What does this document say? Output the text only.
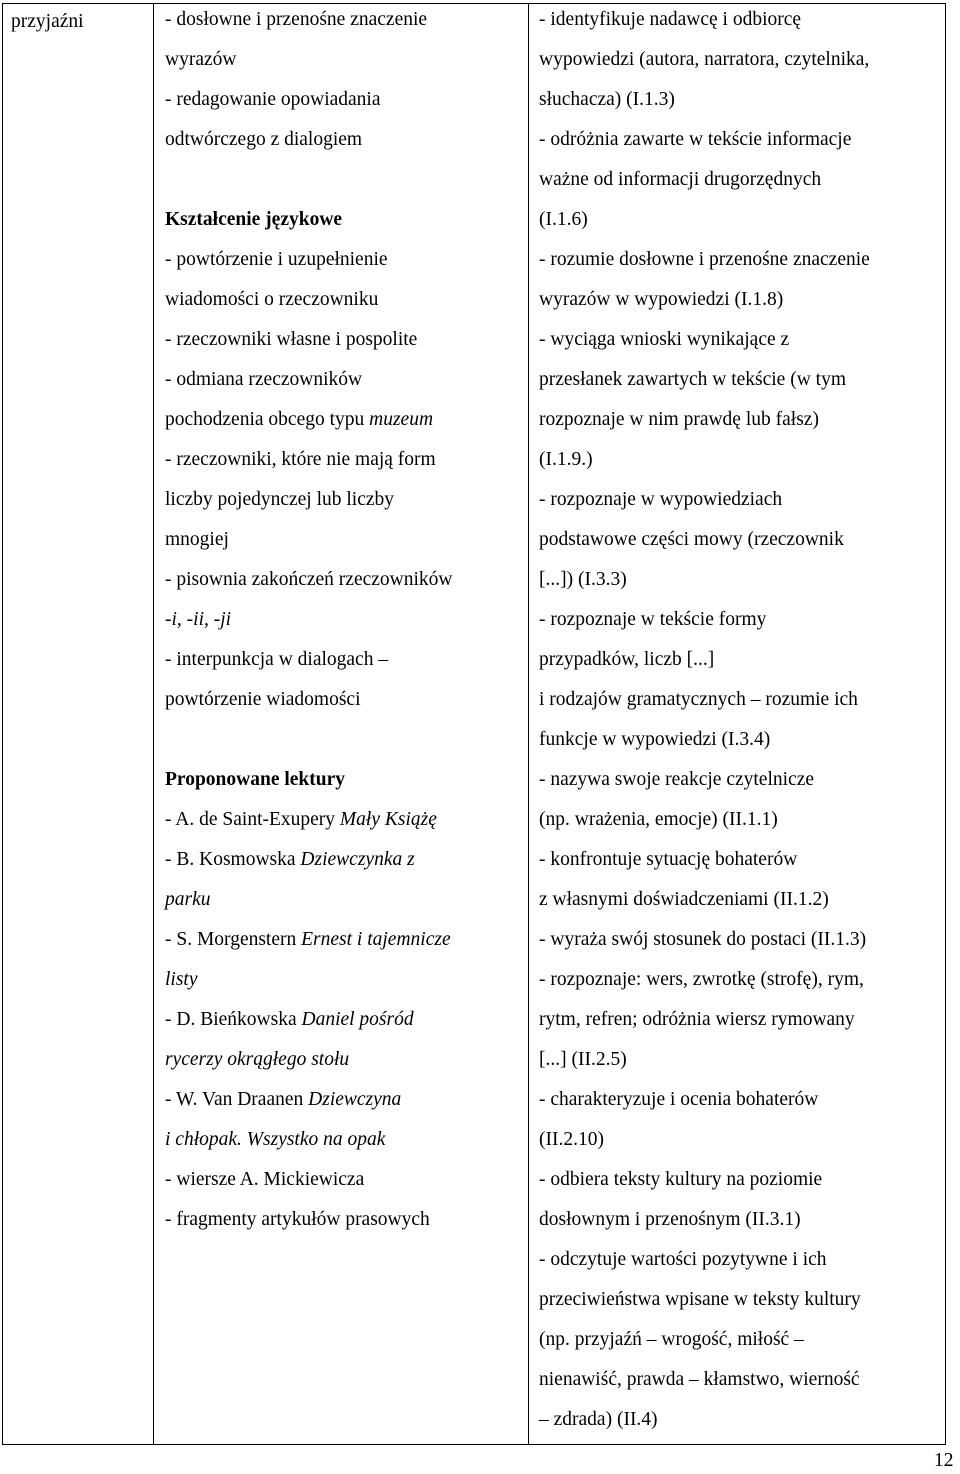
przyjaźni	- dosłowne i przenośne znaczenie
wyrazów
- redagowanie opowiadania
odtwórczego z dialogiem
Kształcenie językowe
- powtórzenie i uzupełnienie
wiadomości o rzeczowniku
- rzeczowniki własne i pospolite
- odmiana rzeczowników
pochodzenia obcego typu muzeum
- rzeczowniki, które nie mają form
liczby pojedynczej lub liczby
mnogiej
- pisownia zakończeń rzeczowników
-i, -ii, -ji
- interpunkcja w dialogach –
powtórzenie wiadomości
Proponowane lektury
- A. de Saint-Exupery Mały Książę
- B. Kosmowska Dziewczynka z
parku
- S. Morgenstern Ernest i tajemnicze
listy
- D. Bieńkowska Daniel pośród
rycerzy okrągłego stołu
- W. Van Draanen Dziewczyna
i chłopak. Wszystko na opak
- wiersze A. Mickiewicza
- fragmenty artykułów prasowych
- identyfikuje nadawcę i odbiorcę
wypowiedzi (autora, narratora, czytelnika,
słuchacza) (I.1.3)
- odróżnia zawarte w tekście informacje
ważne od informacji drugorzędnych
(I.1.6)
- rozumie dosłowne i przenośne znaczenie
wyrazów w wypowiedzi (I.1.8)
- wyciąga wnioski wynikające z
przesłanek zawartych w tekście (w tym
rozpoznaje w nim prawdę lub fałsz)
(I.1.9.)
- rozpoznaje w wypowiedziach
podstawowe części mowy (rzeczownik
[...]) (I.3.3)
- rozpoznaje w tekście formy
przypadków, liczb [...]
i rodzajów gramatycznych – rozumie ich
funkcje w wypowiedzi (I.3.4)
- nazywa swoje reakcje czytelnicze
(np. wrażenia, emocje) (II.1.1)
- konfrontuje sytuację bohaterów
z własnymi doświadczeniami (II.1.2)
- wyraża swój stosunek do postaci (II.1.3)
- rozpoznaje: wers, zwrotkę (strofę), rym,
rytm, refren; odróżnia wiersz rymowany
[...] (II.2.5)
- charakteryzuje i ocenia bohaterów
(II.2.10)
- odbiera teksty kultury na poziomie
dosłownym i przenośnym (II.3.1)
- odczytuje wartości pozytywne i ich
przeciwieństwa wpisane w teksty kultury
(np. przyjaźń – wrogość, miłość –
nienawiść, prawda – kłamstwo, wierność
– zdrada) (II.4)
12
